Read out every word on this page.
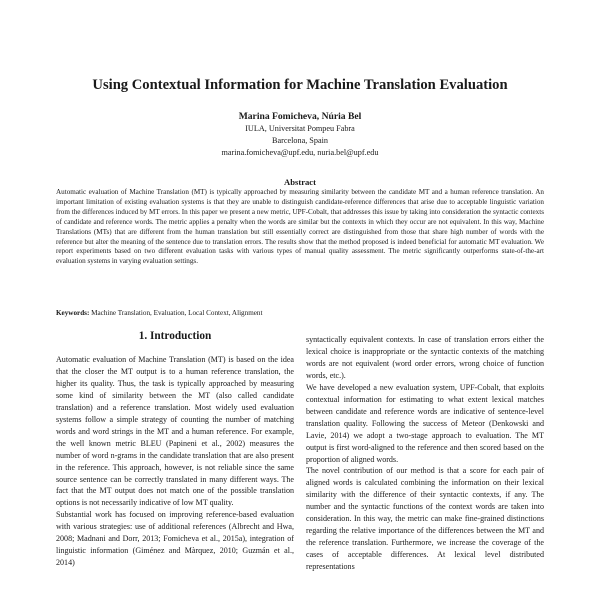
Using Contextual Information for Machine Translation Evaluation
Marina Fomicheva, Núria Bel
IULA, Universitat Pompeu Fabra
Barcelona, Spain
marina.fomicheva@upf.edu, nuria.bel@upf.edu
Abstract
Automatic evaluation of Machine Translation (MT) is typically approached by measuring similarity between the candidate MT and a human reference translation. An important limitation of existing evaluation systems is that they are unable to distinguish candidate-reference differences that arise due to acceptable linguistic variation from the differences induced by MT errors. In this paper we present a new metric, UPF-Cobalt, that addresses this issue by taking into consideration the syntactic contexts of candidate and reference words. The metric applies a penalty when the words are similar but the contexts in which they occur are not equivalent. In this way, Machine Translations (MTs) that are different from the human translation but still essentially correct are distinguished from those that share high number of words with the reference but alter the meaning of the sentence due to translation errors. The results show that the method proposed is indeed beneficial for automatic MT evaluation. We report experiments based on two different evaluation tasks with various types of manual quality assessment. The metric significantly outperforms state-of-the-art evaluation systems in varying evaluation settings.
Keywords: Machine Translation, Evaluation, Local Context, Alignment
1. Introduction

Automatic evaluation of Machine Translation (MT) is based on the idea that the closer the MT output is to a human reference translation, the higher its quality. Thus, the task is typically approached by measuring some kind of similarity between the MT (also called candidate translation) and a reference translation. Most widely used evaluation systems follow a simple strategy of counting the number of matching words and word strings in the MT and a human reference. For example, the well known metric BLEU (Papineni et al., 2002) measures the number of word n-grams in the candidate translation that are also present in the reference. This approach, however, is not reliable since the same source sentence can be correctly translated in many different ways. The fact that the MT output does not match one of the possible translation options is not necessarily indicative of low MT quality.

Substantial work has focused on improving reference-based evaluation with various strategies: use of additional references (Albrecht and Hwa, 2008; Madnani and Dorr, 2013; Fomicheva et al., 2015a), integration of linguistic information (Giménez and Màrquez, 2010; Guzmán et al., 2014)

syntactically equivalent contexts. In case of translation errors either the lexical choice is inappropriate or the syntactic contexts of the matching words are not equivalent (word order errors, wrong choice of function words, etc.).

We have developed a new evaluation system, UPF-Cobalt, that exploits contextual information for estimating to what extent lexical matches between candidate and reference words are indicative of sentence-level translation quality. Following the success of Meteor (Denkowski and Lavie, 2014) we adopt a two-stage approach to evaluation. The MT output is first word-aligned to the reference and then scored based on the proportion of aligned words.

The novel contribution of our method is that a score for each pair of aligned words is calculated combining the information on their lexical similarity with the difference of their syntactic contexts, if any. The number and the syntactic functions of the context words are taken into consideration. In this way, the metric can make fine-grained distinctions regarding the relative importance of the differences between the MT and the reference translation. Furthermore, we increase the coverage of the cases of acceptable differences. At lexical level distributed representations
